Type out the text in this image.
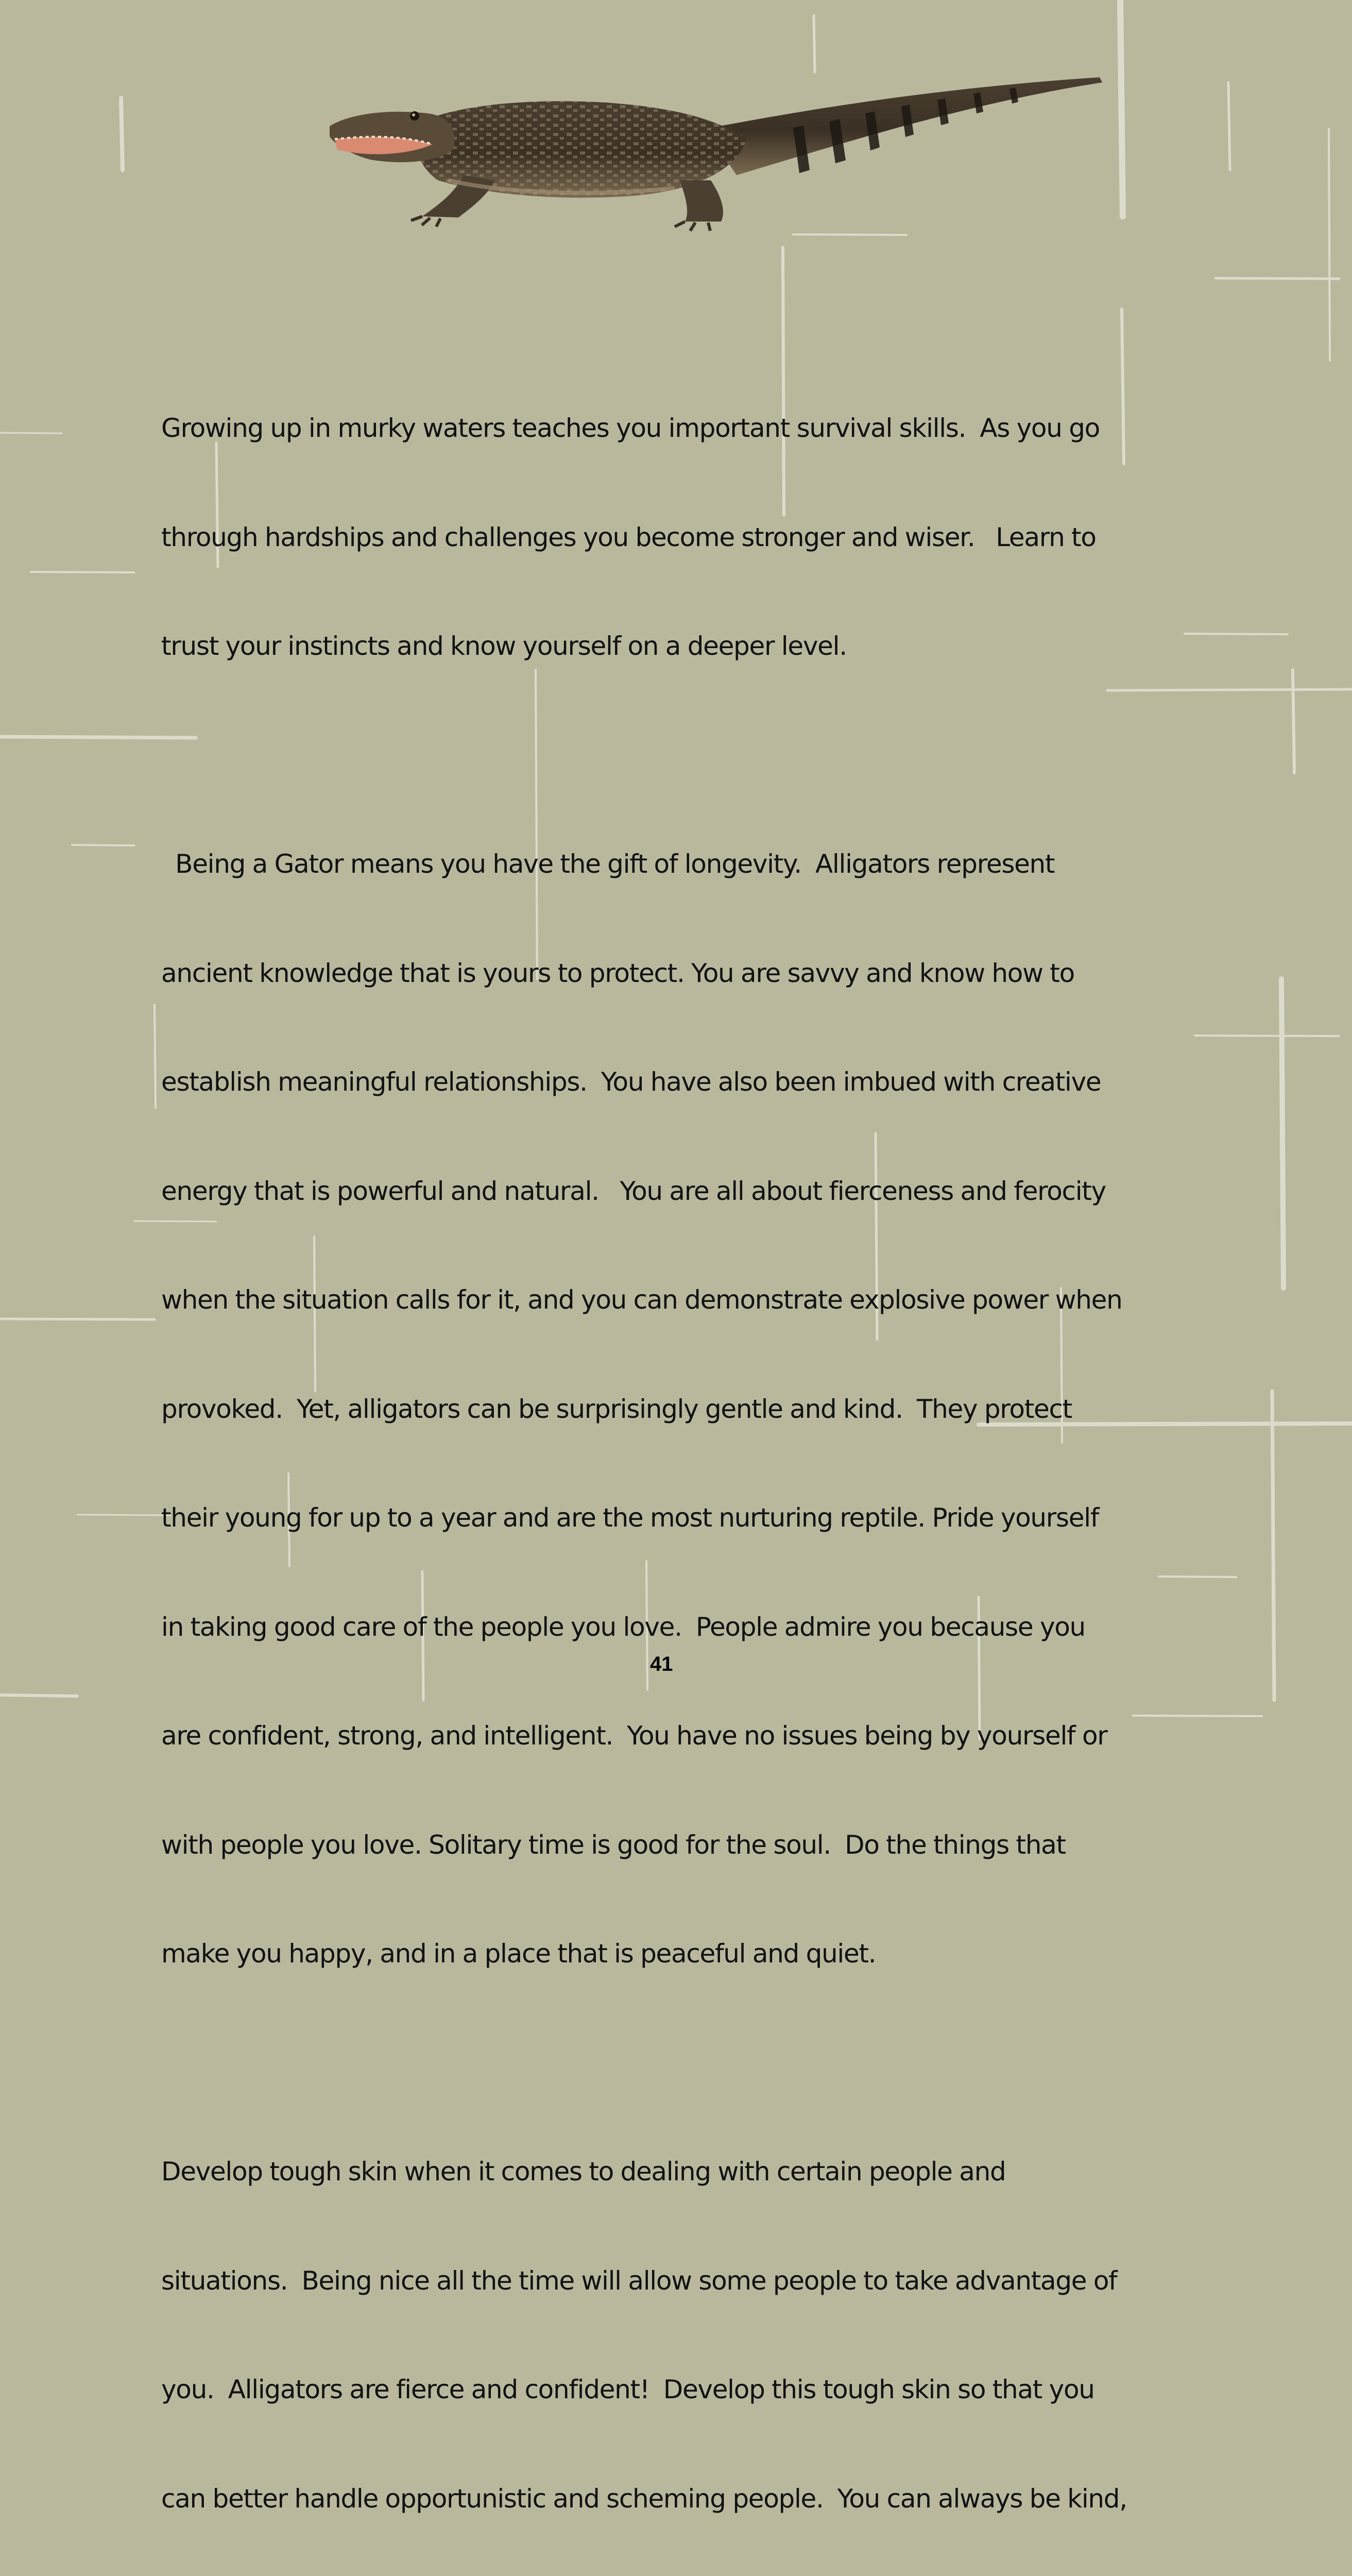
Growing up in murky waters teaches you important survival skills.  As you go

through hardships and challenges you become stronger and wiser.   Learn to

trust your instincts and know yourself on a deeper level.

Being a Gator means you have the gift of longevity.  Alligators represent

ancient knowledge that is yours to protect. You are savvy and know how to

establish meaningful relationships.  You have also been imbued with creative

energy that is powerful and natural.   You are all about fierceness and ferocity

when the situation calls for it, and you can demonstrate explosive power when

provoked.  Yet, alligators can be surprisingly gentle and kind.  They protect

their young for up to a year and are the most nurturing reptile. Pride yourself

in taking good care of the people you love.  People admire you because you

are confident, strong, and intelligent.  You have no issues being by yourself or

with people you love. Solitary time is good for the soul.  Do the things that

make you happy, and in a place that is peaceful and quiet.

Develop tough skin when it comes to dealing with certain people and

situations.  Being nice all the time will allow some people to take advantage of

you.  Alligators are fierce and confident!  Develop this tough skin so that you

can better handle opportunistic and scheming people.  You can always be kind,

41
